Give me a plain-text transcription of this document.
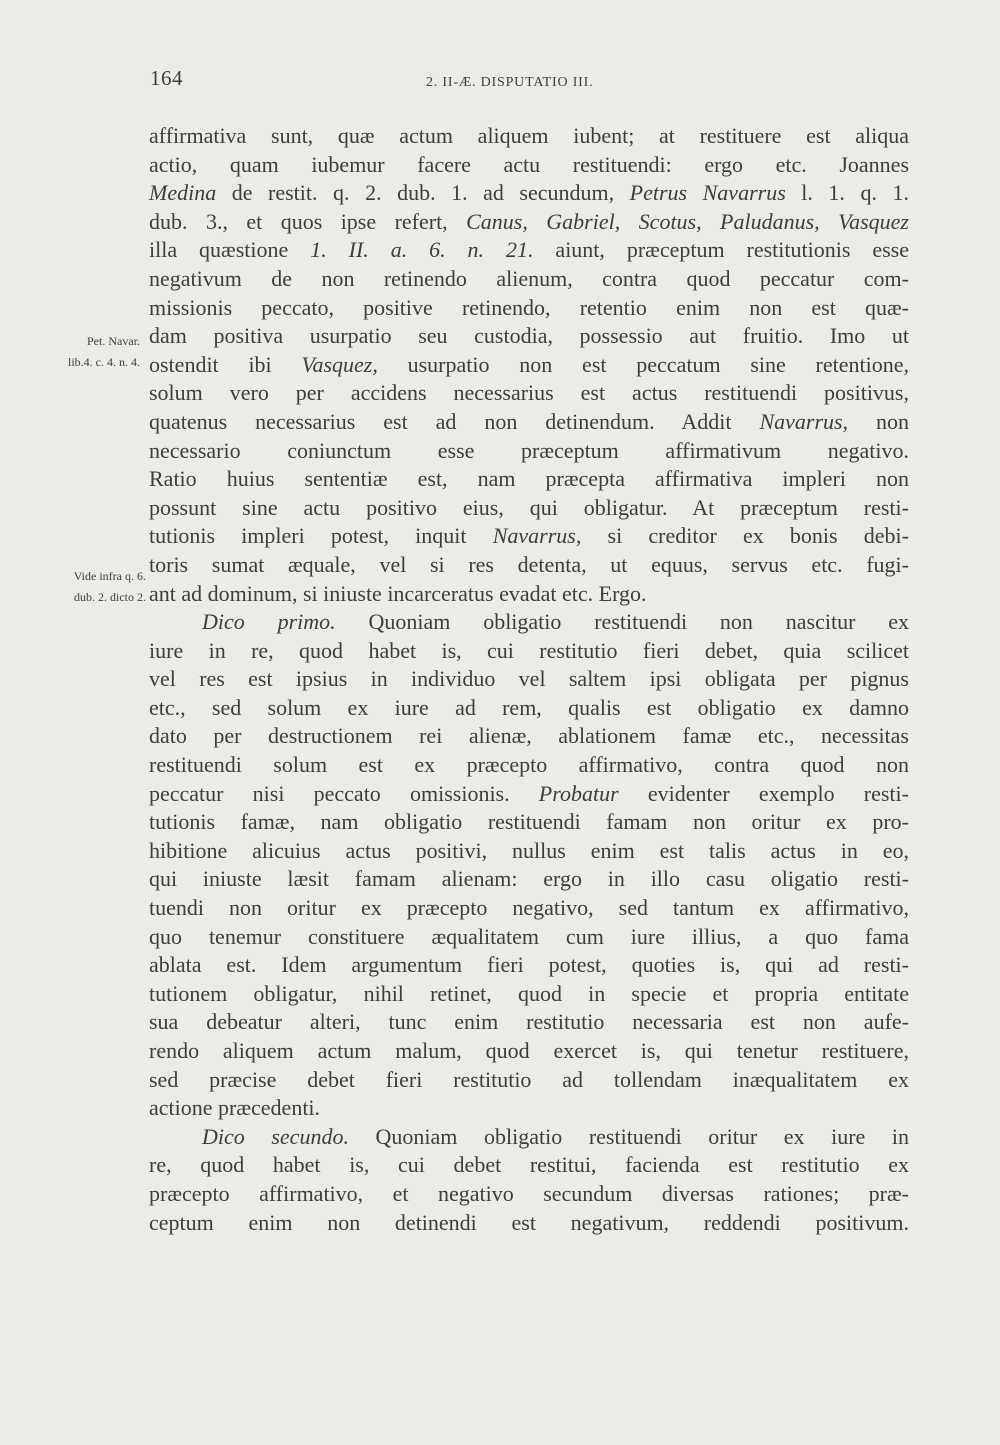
164	2. II-Æ. DISPUTATIO III.
Pet. Navar.
lib.4. c. 4. n. 4.
Vide infra q. 6.
dub. 2. dicto 2.
affirmativa sunt, quæ actum aliquem iubent; at restituere est aliqua
actio, quam iubemur facere actu restituendi: ergo etc. Joannes
Medina de restit. q. 2. dub. 1. ad secundum, Petrus Navarrus l. 1. q. 1.
dub. 3., et quos ipse refert, Canus, Gabriel, Scotus, Paludanus, Vasquez
illa quæstione 1. II. a. 6. n. 21. aiunt, præceptum restitutionis esse
negativum de non retinendo alienum, contra quod peccatur com-
missionis peccato, positive retinendo, retentio enim non est quæ-
dam positiva usurpatio seu custodia, possessio aut fruitio. Imo ut
ostendit ibi Vasquez, usurpatio non est peccatum sine retentione,
solum vero per accidens necessarius est actus restituendi positivus,
quatenus necessarius est ad non detinendum. Addit Navarrus, non
necessario coniunctum esse præceptum affirmativum negativo.
Ratio huius sententiæ est, nam præcepta affirmativa impleri non
possunt sine actu positivo eius, qui obligatur. At præceptum resti-
tutionis impleri potest, inquit Navarrus, si creditor ex bonis debi-
toris sumat æquale, vel si res detenta, ut equus, servus etc. fugi-
ant ad dominum, si iniuste incarceratus evadat etc. Ergo.
Dico primo. Quoniam obligatio restituendi non nascitur ex
iure in re, quod habet is, cui restitutio fieri debet, quia scilicet
vel res est ipsius in individuo vel saltem ipsi obligata per pignus
etc., sed solum ex iure ad rem, qualis est obligatio ex damno
dato per destructionem rei alienæ, ablationem famæ etc., necessitas
restituendi solum est ex præcepto affirmativo, contra quod non
peccatur nisi peccato omissionis. Probatur evidenter exemplo resti-
tutionis famæ, nam obligatio restituendi famam non oritur ex pro-
hibitione alicuius actus positivi, nullus enim est talis actus in eo,
qui iniuste læsit famam alienam: ergo in illo casu oligatio resti-
tuendi non oritur ex præcepto negativo, sed tantum ex affirmativo,
quo tenemur constituere æqualitatem cum iure illius, a quo fama
ablata est. Idem argumentum fieri potest, quoties is, qui ad resti-
tutionem obligatur, nihil retinet, quod in specie et propria entitate
sua debeatur alteri, tunc enim restitutio necessaria est non aufe-
rendo aliquem actum malum, quod exercet is, qui tenetur restituere,
sed præcise debet fieri restitutio ad tollendam inæqualitatem ex
actione præcedenti.
Dico secundo. Quoniam obligatio restituendi oritur ex iure in
re, quod habet is, cui debet restitui, facienda est restitutio ex
præcepto affirmativo, et negativo secundum diversas rationes; præ-
ceptum enim non detinendi est negativum, reddendi positivum.
